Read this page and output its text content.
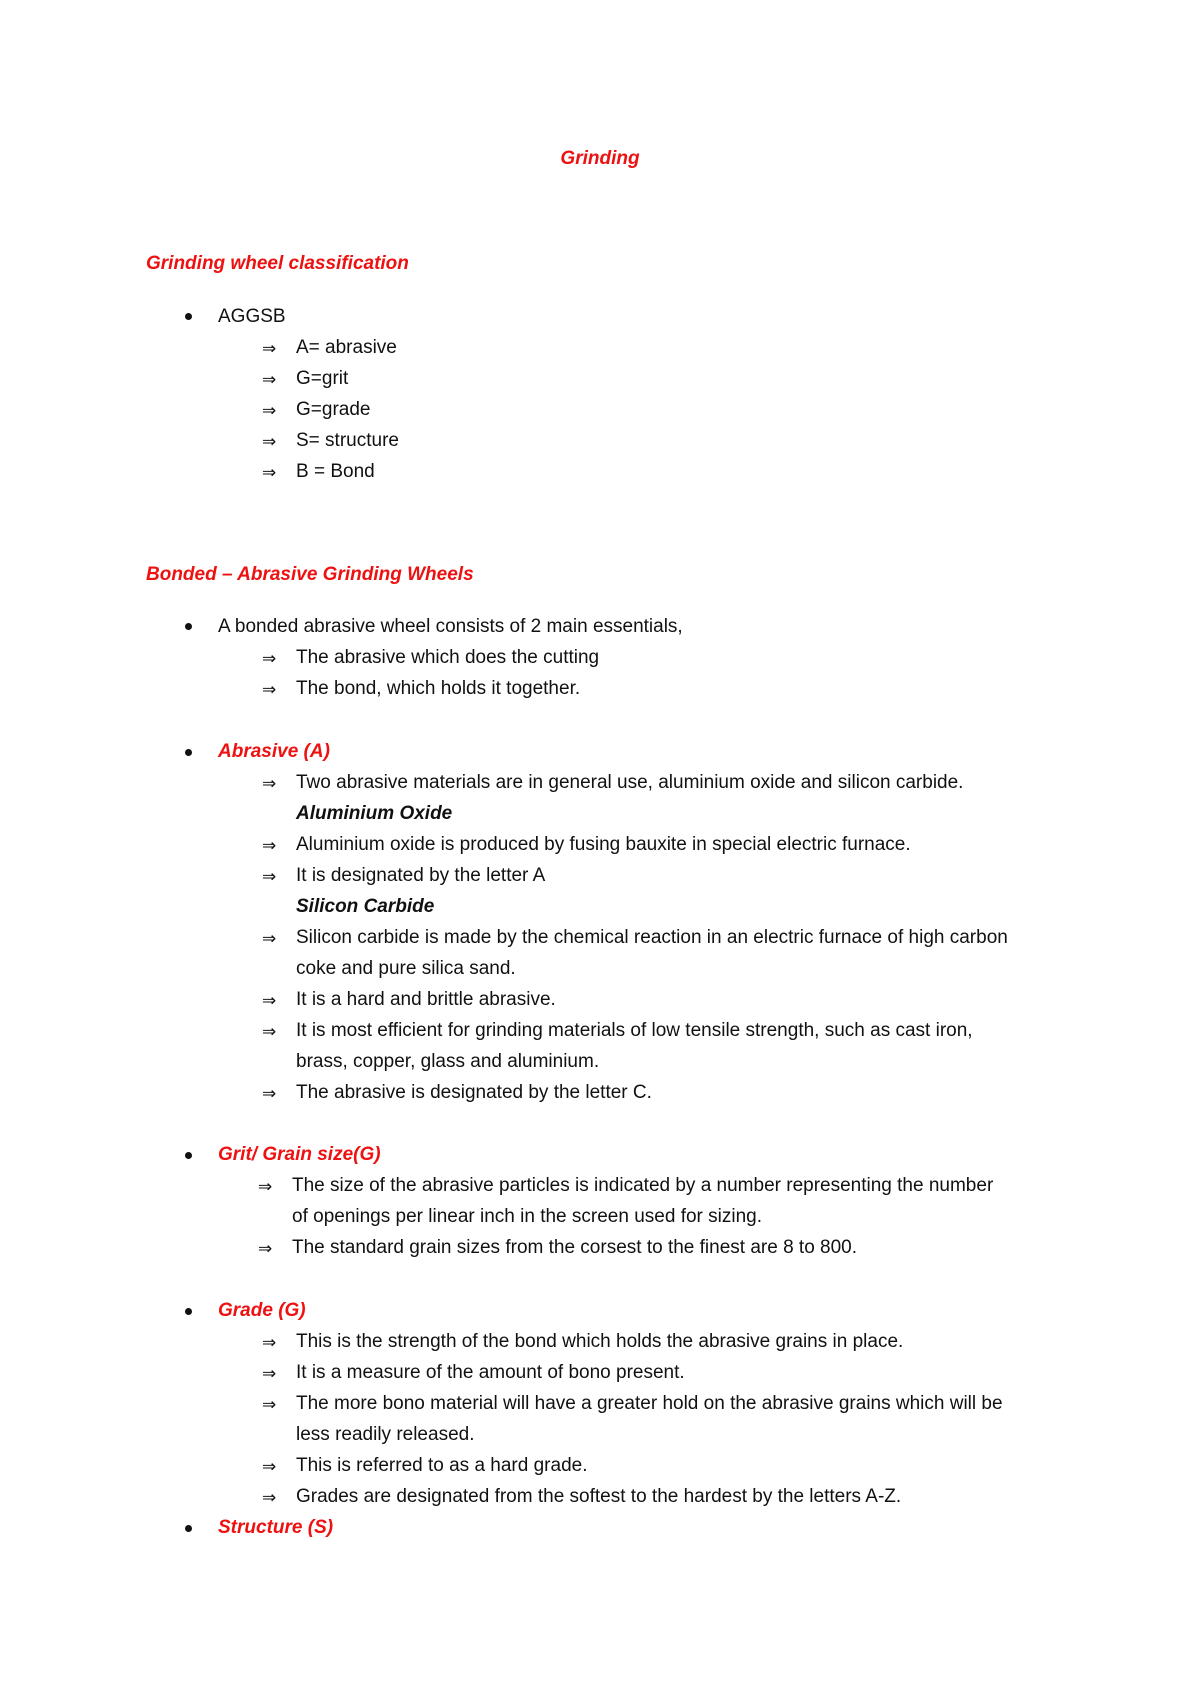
Grinding
Grinding wheel classification
AGGSB
⇒ A= abrasive
⇒ G=grit
⇒ G=grade
⇒ S= structure
⇒ B = Bond
Bonded – Abrasive Grinding Wheels
A bonded abrasive wheel consists of 2 main essentials,
⇒ The abrasive which does the cutting
⇒ The bond, which holds it together.
Abrasive (A)
⇒ Two abrasive materials are in general use, aluminium oxide and silicon carbide.
Aluminium Oxide
⇒ Aluminium oxide is produced by fusing bauxite in special electric furnace.
⇒ It is designated by the letter A
Silicon Carbide
⇒ Silicon carbide is made by the chemical reaction in an electric furnace of high carbon
coke and pure silica sand.
⇒ It is a hard and brittle abrasive.
⇒ It is most efficient for grinding materials of low tensile strength, such as cast iron,
brass, copper, glass and aluminium.
⇒ The abrasive is designated by the letter C.
Grit/ Grain size(G)
⇒ The size of the abrasive particles is indicated by a number representing the number
of openings per linear inch in the screen used for sizing.
⇒ The standard grain sizes from the corsest to the finest are 8 to 800.
Grade (G)
⇒ This is the strength of the bond which holds the abrasive grains in place.
⇒ It is a measure of the amount of bono present.
⇒ The more bono material will have a greater hold on the abrasive grains which will be
less readily released.
⇒ This is referred to as a hard grade.
⇒ Grades are designated from the softest to the hardest by the letters A-Z.
Structure (S)
